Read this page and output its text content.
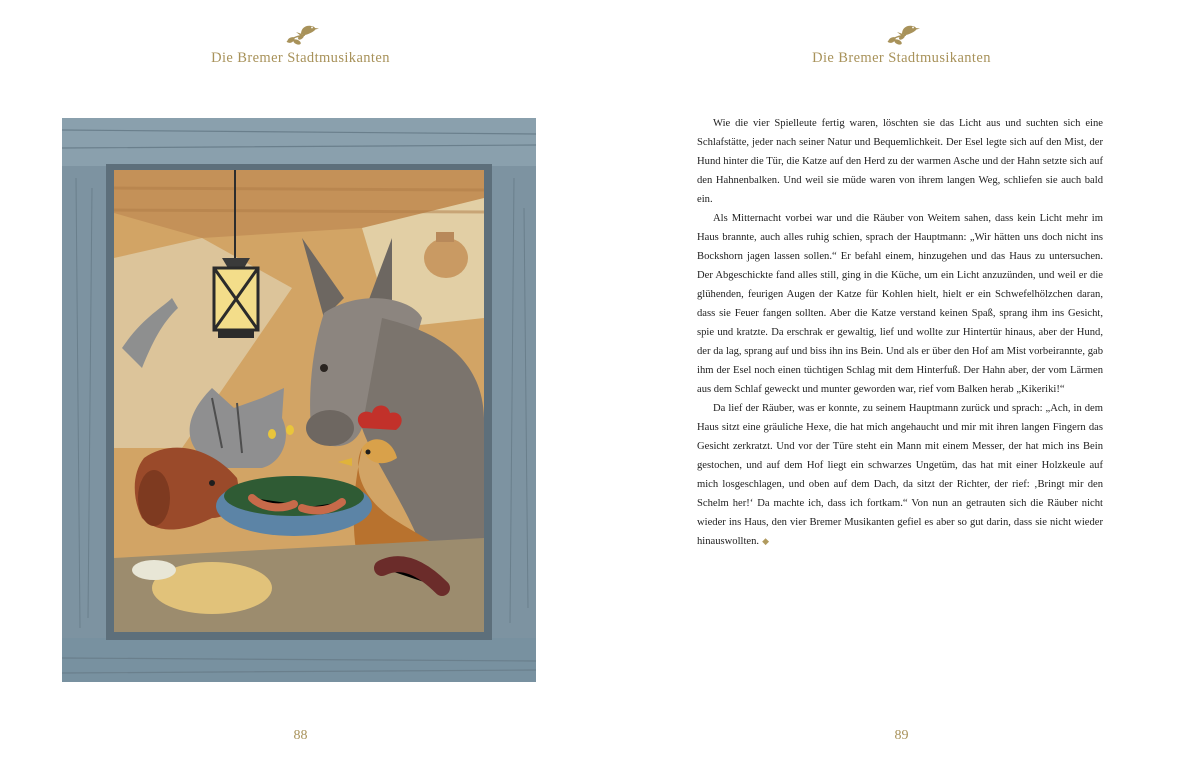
Die Bremer Stadtmusikanten
88
Die Bremer Stadtmusikanten

Wie die vier Spielleute fertig waren, löschten sie das Licht aus und suchten sich eine Schlafstätte, jeder nach seiner Natur und Bequemlichkeit. Der Esel legte sich auf den Mist, der Hund hinter die Tür, die Katze auf den Herd zu der warmen Asche und der Hahn setzte sich auf den Hahnenbalken. Und weil sie müde waren von ihrem langen Weg, schliefen sie auch bald ein.

Als Mitternacht vorbei war und die Räuber von Weitem sahen, dass kein Licht mehr im Haus brannte, auch alles ruhig schien, sprach der Hauptmann: „Wir hätten uns doch nicht ins Bockshorn jagen lassen sollen.“ Er befahl einem, hinzugehen und das Haus zu untersuchen. Der Abgeschickte fand alles still, ging in die Küche, um ein Licht anzuzünden, und weil er die glühenden, feurigen Augen der Katze für Kohlen hielt, hielt er ein Schwefelhölzchen daran, dass sie Feuer fangen sollten. Aber die Katze verstand keinen Spaß, sprang ihm ins Gesicht, spie und kratzte. Da erschrak er gewaltig, lief und wollte zur Hintertür hinaus, aber der Hund, der da lag, sprang auf und biss ihn ins Bein. Und als er über den Hof am Mist vorbeirannte, gab ihm der Esel noch einen tüchtigen Schlag mit dem Hinterfuß. Der Hahn aber, der vom Lärmen aus dem Schlaf geweckt und munter geworden war, rief vom Balken herab „Kikeriki!“

Da lief der Räuber, was er konnte, zu seinem Hauptmann zurück und sprach: „Ach, in dem Haus sitzt eine gräuliche Hexe, die hat mich angehaucht und mir mit ihren langen Fingern das Gesicht zerkratzt. Und vor der Türe steht ein Mann mit einem Messer, der hat mich ins Bein gestochen, und auf dem Hof liegt ein schwarzes Ungetüm, das hat mit einer Holzkeule auf mich losgeschlagen, und oben auf dem Dach, da sitzt der Richter, der rief: ‚Bringt mir den Schelm her!‘ Da machte ich, dass ich fortkam.“ Von nun an getrauten sich die Räuber nicht wieder ins Haus, den vier Bremer Musikanten gefiel es aber so gut darin, dass sie nicht wieder hinauswollten. ◆

89
